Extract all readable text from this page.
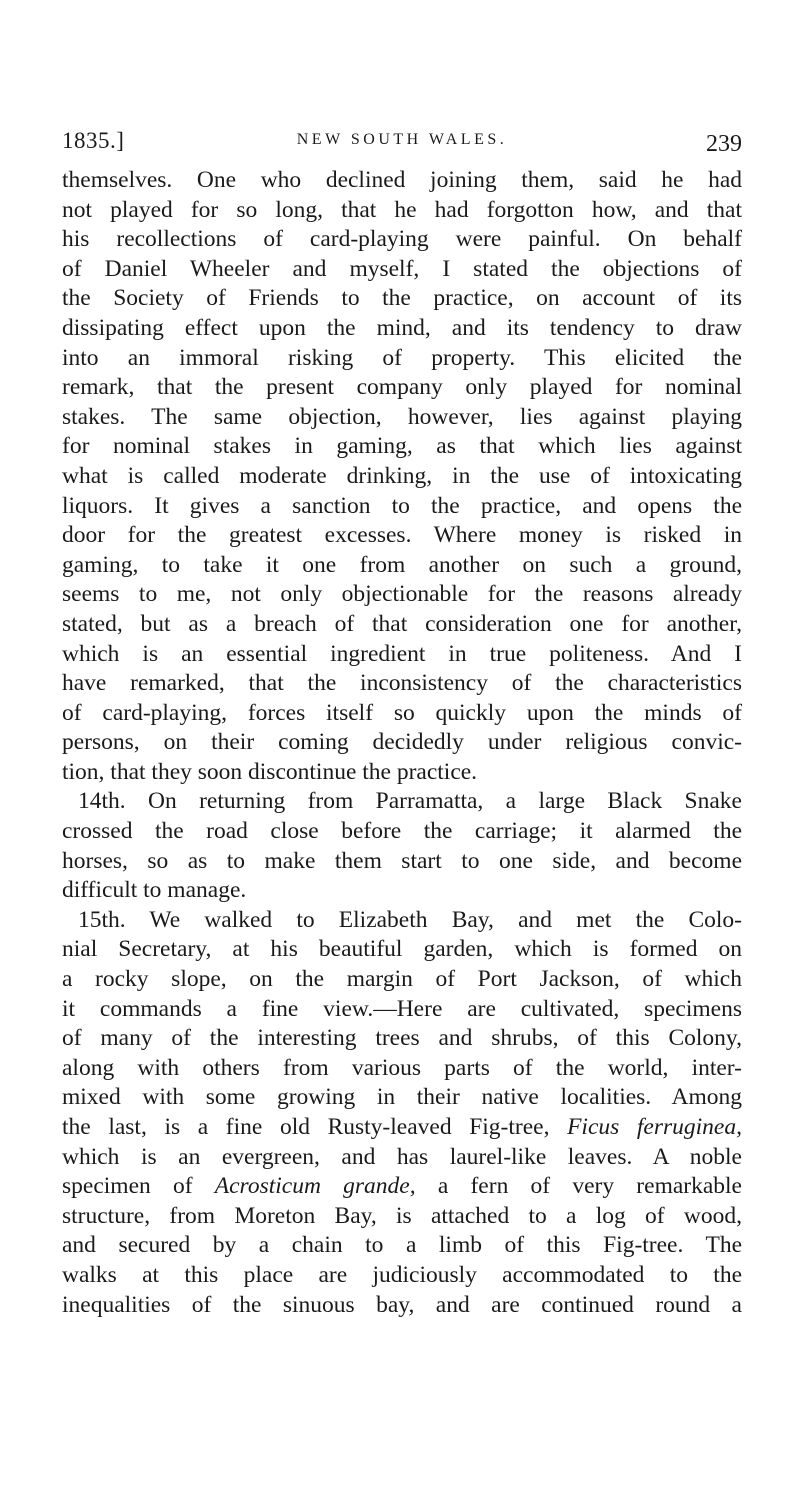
1835.]	NEW SOUTH WALES.	239
themselves. One who declined joining them, said he had
not played for so long, that he had forgotton how, and that
his recollections of card-playing were painful. On behalf
of Daniel Wheeler and myself, I stated the objections of
the Society of Friends to the practice, on account of its
dissipating effect upon the mind, and its tendency to draw
into an immoral risking of property. This elicited the
remark, that the present company only played for nominal
stakes. The same objection, however, lies against playing
for nominal stakes in gaming, as that which lies against
what is called moderate drinking, in the use of intoxicating
liquors. It gives a sanction to the practice, and opens the
door for the greatest excesses. Where money is risked in
gaming, to take it one from another on such a ground,
seems to me, not only objectionable for the reasons already
stated, but as a breach of that consideration one for another,
which is an essential ingredient in true politeness. And I
have remarked, that the inconsistency of the characteristics
of card-playing, forces itself so quickly upon the minds of
persons, on their coming decidedly under religious convic-
tion, that they soon discontinue the practice.
14th. On returning from Parramatta, a large Black Snake
crossed the road close before the carriage; it alarmed the
horses, so as to make them start to one side, and become
difficult to manage.
15th. We walked to Elizabeth Bay, and met the Colo-
nial Secretary, at his beautiful garden, which is formed on
a rocky slope, on the margin of Port Jackson, of which
it commands a fine view.—Here are cultivated, specimens
of many of the interesting trees and shrubs, of this Colony,
along with others from various parts of the world, inter-
mixed with some growing in their native localities. Among
the last, is a fine old Rusty-leaved Fig-tree, Ficus ferruginea,
which is an evergreen, and has laurel-like leaves. A noble
specimen of Acrosticum grande, a fern of very remarkable
structure, from Moreton Bay, is attached to a log of wood,
and secured by a chain to a limb of this Fig-tree. The
walks at this place are judiciously accommodated to the
inequalities of the sinuous bay, and are continued round a
